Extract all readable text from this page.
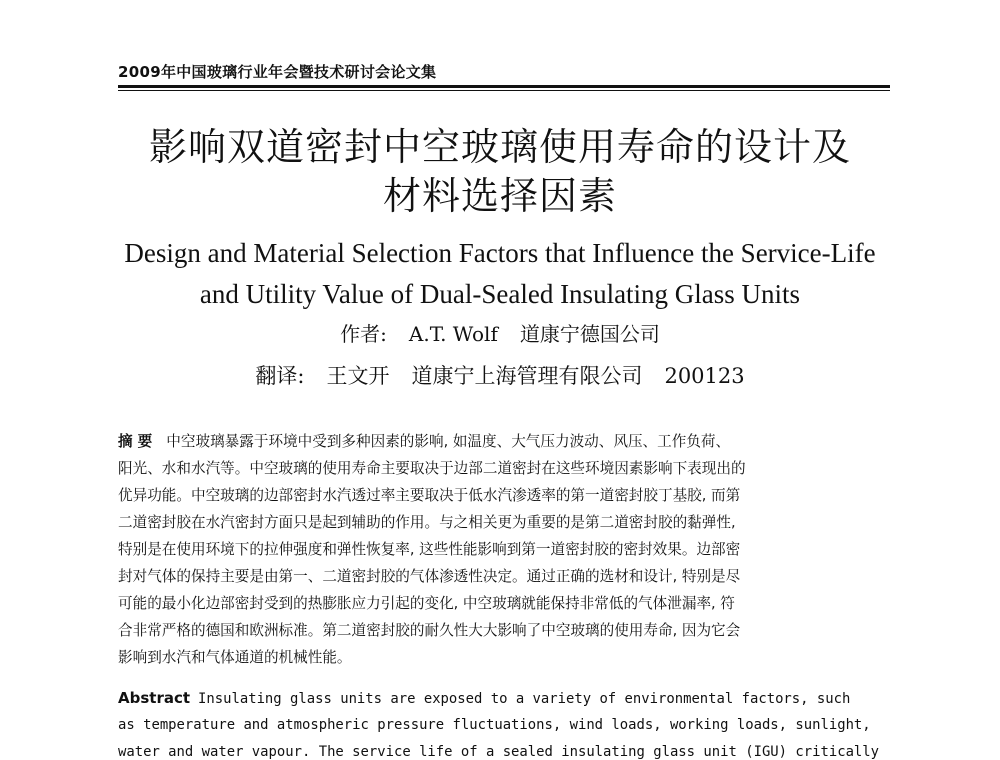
2009年中国玻璃行业年会暨技术研讨会论文集
影响双道密封中空玻璃使用寿命的设计及
材料选择因素
Design and Material Selection Factors that Influence the Service-Life
and Utility Value of Dual-Sealed Insulating Glass Units
作者: A.T. Wolf 道康宁德国公司
翻译: 王文开 道康宁上海管理有限公司 200123
摘 要 中空玻璃暴露于环境中受到多种因素的影响, 如温度、大气压力波动、风压、工作负荷、
阳光、水和水汽等。中空玻璃的使用寿命主要取决于边部二道密封在这些环境因素影响下表现出的
优异功能。中空玻璃的边部密封水汽透过率主要取决于低水汽渗透率的第一道密封胶丁基胶, 而第
二道密封胶在水汽密封方面只是起到辅助的作用。与之相关更为重要的是第二道密封胶的黏弹性,
特别是在使用环境下的拉伸强度和弹性恢复率, 这些性能影响到第一道密封胶的密封效果。边部密
封对气体的保持主要是由第一、二道密封胶的气体渗透性决定。通过正确的选材和设计, 特别是尽
可能的最小化边部密封受到的热膨胀应力引起的变化, 中空玻璃就能保持非常低的气体泄漏率, 符
合非常严格的德国和欧洲标准。第二道密封胶的耐久性大大影响了中空玻璃的使用寿命, 因为它会
影响到水汽和气体通道的机械性能。
Abstract Insulating glass units are exposed to a variety of environmental factors, such
as temperature and atmospheric pressure fluctuations, wind loads, working loads, sunlight,
water and water vapour. The service life of a sealed insulating glass unit (IGU) critically
